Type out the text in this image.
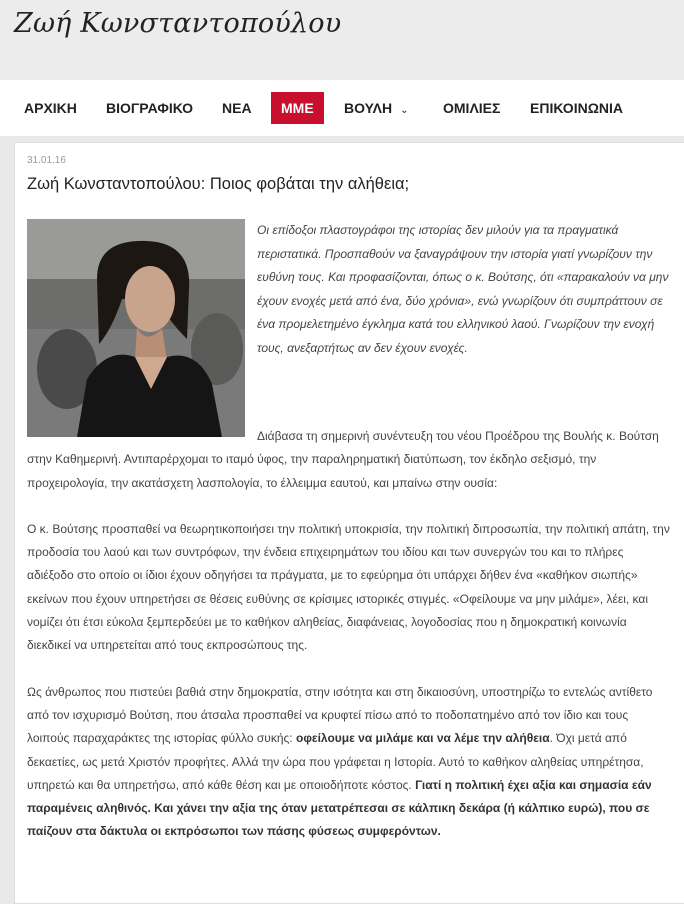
Ζωή Κωνσταντοπούλου
ΑΡΧΙΚΗ	ΒΙΟΓΡΑΦΙΚΟ	ΝΕΑ	ΜΜΕ	ΒΟΥΛΗ ⌄	ΟΜΙΛΙΕΣ	ΕΠΙΚΟΙΝΩΝΙΑ
31.01.16
Ζωή Κωνσταντοπούλου: Ποιος φοβάται την αλήθεια;

Οι επίδοξοι πλαστογράφοι της ιστορίας δεν μιλούν για τα πραγματικά περιστατικά. Προσπαθούν να ξαναγράψουν την ιστορία γιατί γνωρίζουν την ευθύνη τους. Και προφασίζονται, όπως ο κ. Βούτσης, ότι «παρακαλούν να μην έχουν ενοχές μετά από ένα, δύο χρόνια», ενώ γνωρίζουν ότι συμπράττουν σε ένα προμελετημένο έγκλημα κατά του ελληνικού λαού. Γνωρίζουν την ενοχή τους, ανεξαρτήτως αν δεν έχουν ενοχές.

Διάβασα τη σημερινή συνέντευξη του νέου Προέδρου της Βουλής κ. Βούτση στην Καθημερινή. Αντιπαρέρχομαι το ιταμό ύφος, την παραληρηματική διατύπωση, τον έκδηλο σεξισμό, την προχειρολογία, την ακατάσχετη λασπολογία, το έλλειμμα εαυτού, και μπαίνω στην ουσία:

Ο κ. Βούτσης προσπαθεί να θεωρητικοποιήσει την πολιτική υποκρισία, την πολιτική διπροσωπία, την πολιτική απάτη, την προδοσία του λαού και των συντρόφων, την ένδεια επιχειρημάτων του ιδίου και των συνεργών του και το πλήρες αδιέξοδο στο οποίο οι ίδιοι έχουν οδηγήσει τα πράγματα, με το εφεύρημα ότι υπάρχει δήθεν ένα «καθήκον σιωπής» εκείνων που έχουν υπηρετήσει σε θέσεις ευθύνης σε κρίσιμες ιστορικές στιγμές. «Οφείλουμε να μην μιλάμε», λέει, και νομίζει ότι έτσι εύκολα ξεμπερδεύει με το καθήκον αληθείας, διαφάνειας, λογοδοσίας που η δημοκρατική κοινωνία διεκδικεί να υπηρετείται από τους εκπροσώπους της.

Ως άνθρωπος που πιστεύει βαθιά στην δημοκρατία, στην ισότητα και στη δικαιοσύνη, υποστηρίζω το εντελώς αντίθετο από τον ισχυρισμό Βούτση, που άτσαλα προσπαθεί να κρυφτεί πίσω από το ποδοπατημένο από τον ίδιο και τους λοιπούς παραχαράκτες της ιστορίας φύλλο συκής: οφείλουμε να μιλάμε και να λέμε την αλήθεια. Όχι μετά από δεκαετίες, ως μετά Χριστόν προφήτες. Αλλά την ώρα που γράφεται η Ιστορία. Αυτό το καθήκον αληθείας υπηρέτησα, υπηρετώ και θα υπηρετήσω, από κάθε θέση και με οποιοδήποτε κόστος. Γιατί η πολιτική έχει αξία και σημασία εάν παραμένεις αληθινός. Και χάνει την αξία της όταν μετατρέπεσαι σε κάλπικη δεκάρα (ή κάλπικο ευρώ), που σε παίζουν στα δάκτυλα οι εκπρόσωποι των πάσης φύσεως συμφερόντων.
